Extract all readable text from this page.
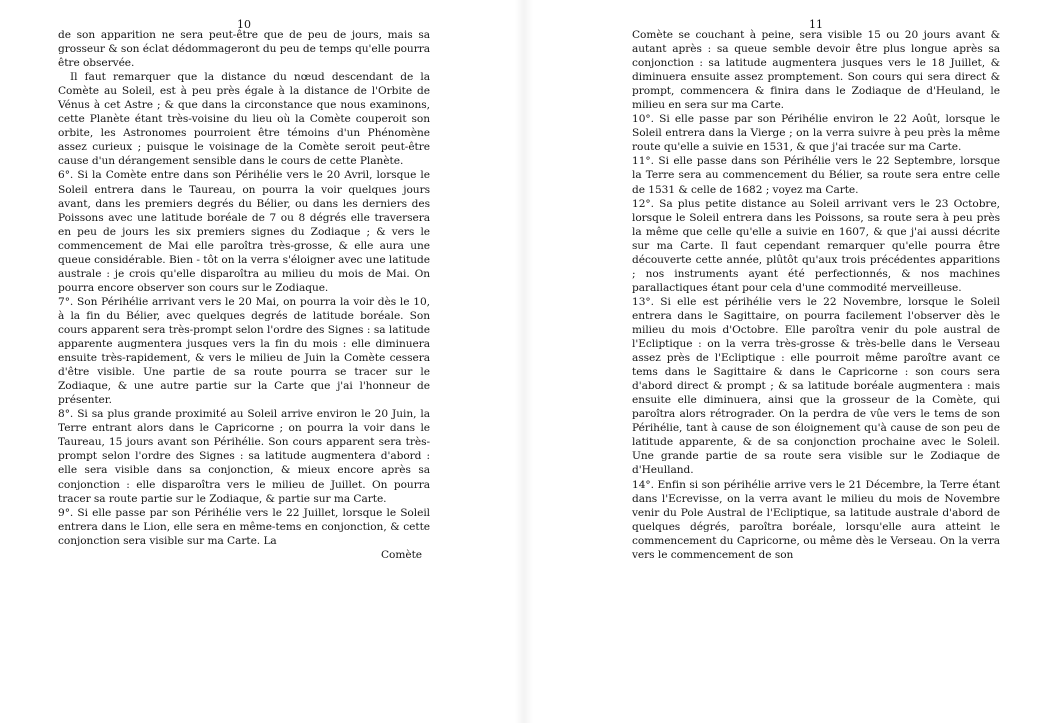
10

de son apparition ne sera peut-être que de peu de jours, mais sa grosseur & son éclat dédommageront du peu de temps qu'elle pourra être observée.

Il faut remarquer que la distance du nœud descendant de la Comète au Soleil, est à peu près égale à la distance de l'Orbite de Vénus à cet Astre ; & que dans la circonstance que nous examinons, cette Planète étant très-voisine du lieu où la Comète couperoit son orbite, les Astronomes pourroient être témoins d'un Phénomène assez curieux ; puisque le voisinage de la Comète seroit peut-être cause d'un dérangement sensible dans le cours de cette Planète.

6°. Si la Comète entre dans son Périhélie vers le 20 Avril, lorsque le Soleil entrera dans le Taureau, on pourra la voir quelques jours avant, dans les premiers degrés du Bélier, ou dans les derniers des Poissons avec une latitude boréale de 7 ou 8 dégrés elle traversera en peu de jours les six premiers signes du Zodiaque ; & vers le commencement de Mai elle paroîtra très-grosse, & elle aura une queue considérable. Bien - tôt on la verra s'éloigner avec une latitude australe : je crois qu'elle disparoîtra au milieu du mois de Mai. On pourra encore observer son cours sur le Zodiaque.

7°. Son Périhélie arrivant vers le 20 Mai, on pourra la voir dès le 10, à la fin du Bélier, avec quelques degrés de latitude boréale. Son cours apparent sera très-prompt selon l'ordre des Signes : sa latitude apparente augmentera jusques vers la fin du mois : elle diminuera ensuite très-rapidement, & vers le milieu de Juin la Comète cessera d'être visible. Une partie de sa route pourra se tracer sur le Zodiaque, & une autre partie sur la Carte que j'ai l'honneur de présenter.

8°. Si sa plus grande proximité au Soleil arrive environ le 20 Juin, la Terre entrant alors dans le Capricorne ; on pourra la voir dans le Taureau, 15 jours avant son Périhélie. Son cours apparent sera très-prompt selon l'ordre des Signes : sa latitude augmentera d'abord : elle sera visible dans sa conjonction, & mieux encore après sa conjonction : elle disparoîtra vers le milieu de Juillet. On pourra tracer sa route partie sur le Zodiaque, & partie sur ma Carte.

9°. Si elle passe par son Périhélie vers le 22 Juillet, lorsque le Soleil entrera dans le Lion, elle sera en même-tems en conjonction, & cette conjonction sera visible sur ma Carte. La

Comète

11

Comète se couchant à peine, sera visible 15 ou 20 jours avant & autant après : sa queue semble devoir être plus longue après sa conjonction : sa latitude augmentera jusques vers le 18 Juillet, & diminuera ensuite assez promptement. Son cours qui sera direct & prompt, commencera & finira dans le Zodiaque de d'Heuland, le milieu en sera sur ma Carte.

10°. Si elle passe par son Périhélie environ le 22 Août, lorsque le Soleil entrera dans la Vierge ; on la verra suivre à peu près la même route qu'elle a suivie en 1531, & que j'ai tracée sur ma Carte.

11°. Si elle passe dans son Périhélie vers le 22 Septembre, lorsque la Terre sera au commencement du Bélier, sa route sera entre celle de 1531 & celle de 1682 ; voyez ma Carte.

12°. Sa plus petite distance au Soleil arrivant vers le 23 Octobre, lorsque le Soleil entrera dans les Poissons, sa route sera à peu près la même que celle qu'elle a suivie en 1607, & que j'ai aussi décrite sur ma Carte. Il faut cependant remarquer qu'elle pourra être découverte cette année, plûtôt qu'aux trois précédentes apparitions ; nos instruments ayant été perfectionnés, & nos machines parallactiques étant pour cela d'une commodité merveilleuse.

13°. Si elle est périhélie vers le 22 Novembre, lorsque le Soleil entrera dans le Sagittaire, on pourra facilement l'observer dès le milieu du mois d'Octobre. Elle paroîtra venir du pole austral de l'Ecliptique : on la verra très-grosse & très-belle dans le Verseau assez près de l'Ecliptique : elle pourroit même paroître avant ce tems dans le Sagittaire & dans le Capricorne : son cours sera d'abord direct & prompt ; & sa latitude boréale augmentera : mais ensuite elle diminuera, ainsi que la grosseur de la Comète, qui paroîtra alors rétrograder. On la perdra de vûe vers le tems de son Périhélie, tant à cause de son éloignement qu'à cause de son peu de latitude apparente, & de sa conjonction prochaine avec le Soleil. Une grande partie de sa route sera visible sur le Zodiaque de d'Heulland.

14°. Enfin si son périhélie arrive vers le 21 Décembre, la Terre étant dans l'Ecrevisse, on la verra avant le milieu du mois de Novembre venir du Pole Austral de l'Ecliptique, sa latitude australe d'abord de quelques dégrés, paroîtra boréale, lorsqu'elle aura atteint le commencement du Capricorne, ou même dès le Verseau. On la verra vers le commencement de son
